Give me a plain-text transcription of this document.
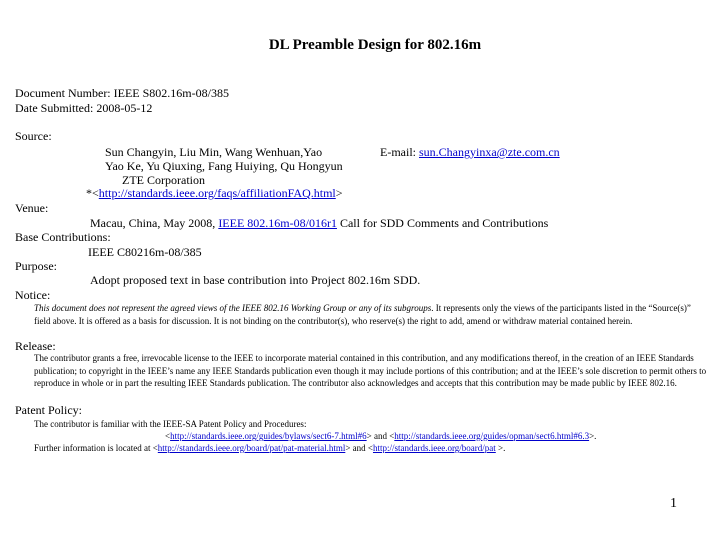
DL Preamble Design for 802.16m
Document Number: IEEE S802.16m-08/385
Date Submitted: 2008-05-12
Source:
Sun Changyin, Liu Min, Wang Wenhuan,Yao
Yao Ke, Yu Qiuxing, Fang Huiying, Qu Hongyun
ZTE Corporation
*<http://standards.ieee.org/faqs/affiliationFAQ.html>
E-mail: sun.Changyinxa@zte.com.cn
Venue:
Macau, China, May 2008, IEEE 802.16m-08/016r1 Call for SDD Comments and Contributions
Base Contributions:
IEEE C80216m-08/385
Purpose:
Adopt proposed text in base contribution into Project 802.16m SDD.
Notice:
This document does not represent the agreed views of the IEEE 802.16 Working Group or any of its subgroups. It represents only the views of the participants listed in the “Source(s)” field above. It is offered as a basis for discussion. It is not binding on the contributor(s), who reserve(s) the right to add, amend or withdraw material contained herein.
Release:
The contributor grants a free, irrevocable license to the IEEE to incorporate material contained in this contribution, and any modifications thereof, in the creation of an IEEE Standards publication; to copyright in the IEEE’s name any IEEE Standards publication even though it may include portions of this contribution; and at the IEEE’s sole discretion to permit others to reproduce in whole or in part the resulting IEEE Standards publication. The contributor also acknowledges and accepts that this contribution may be made public by IEEE 802.16.
Patent Policy:
The contributor is familiar with the IEEE-SA Patent Policy and Procedures:
<http://standards.ieee.org/guides/bylaws/sect6-7.html#6> and <http://standards.ieee.org/guides/opman/sect6.html#6.3>.
Further information is located at <http://standards.ieee.org/board/pat/pat-material.html> and <http://standards.ieee.org/board/pat >.
1
